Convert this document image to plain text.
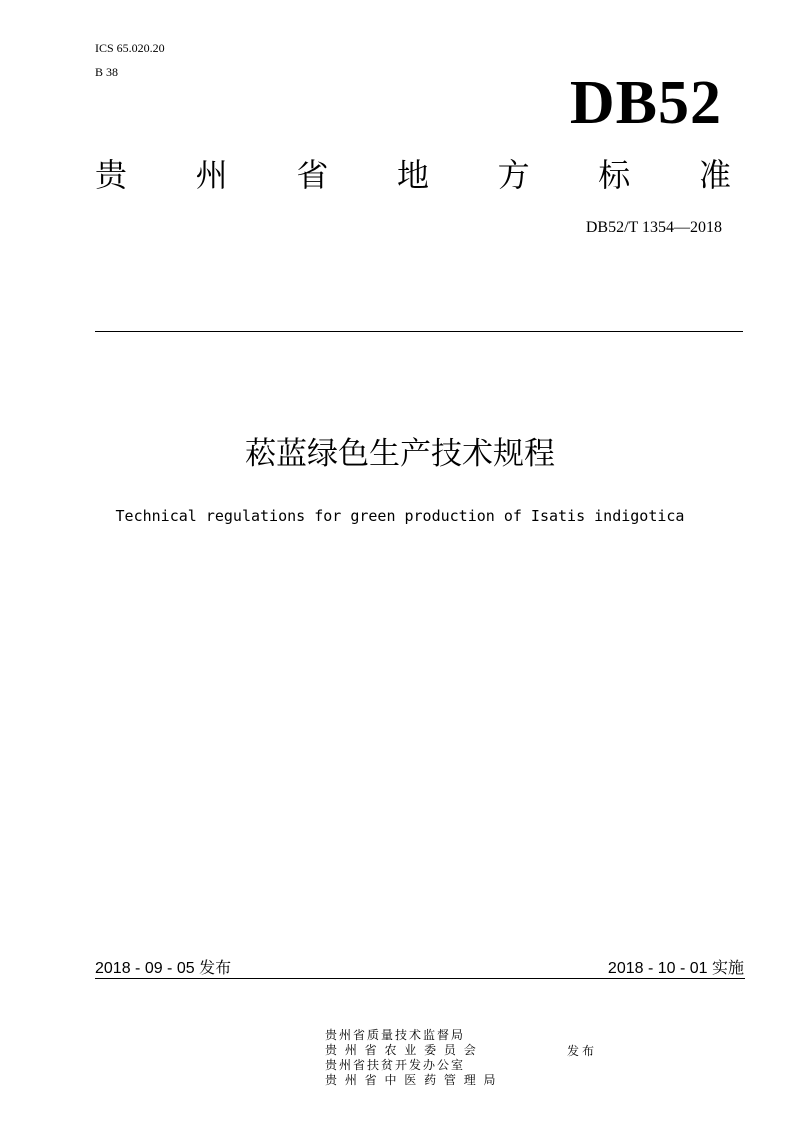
ICS 65.020.20
B 38	DB52
贵 州 省 地 方 标 准
DB52/T 1354—2018
菘蓝绿色生产技术规程
Technical regulations for green production of Isatis indigotica
2018 - 09 - 05 发布	2018 - 10 - 01 实施
贵州省质量技术监督局
贵 州 省 农 业 委 员 会
贵州省扶贫开发办公室
贵 州 省 中 医 药 管 理 局
发布
